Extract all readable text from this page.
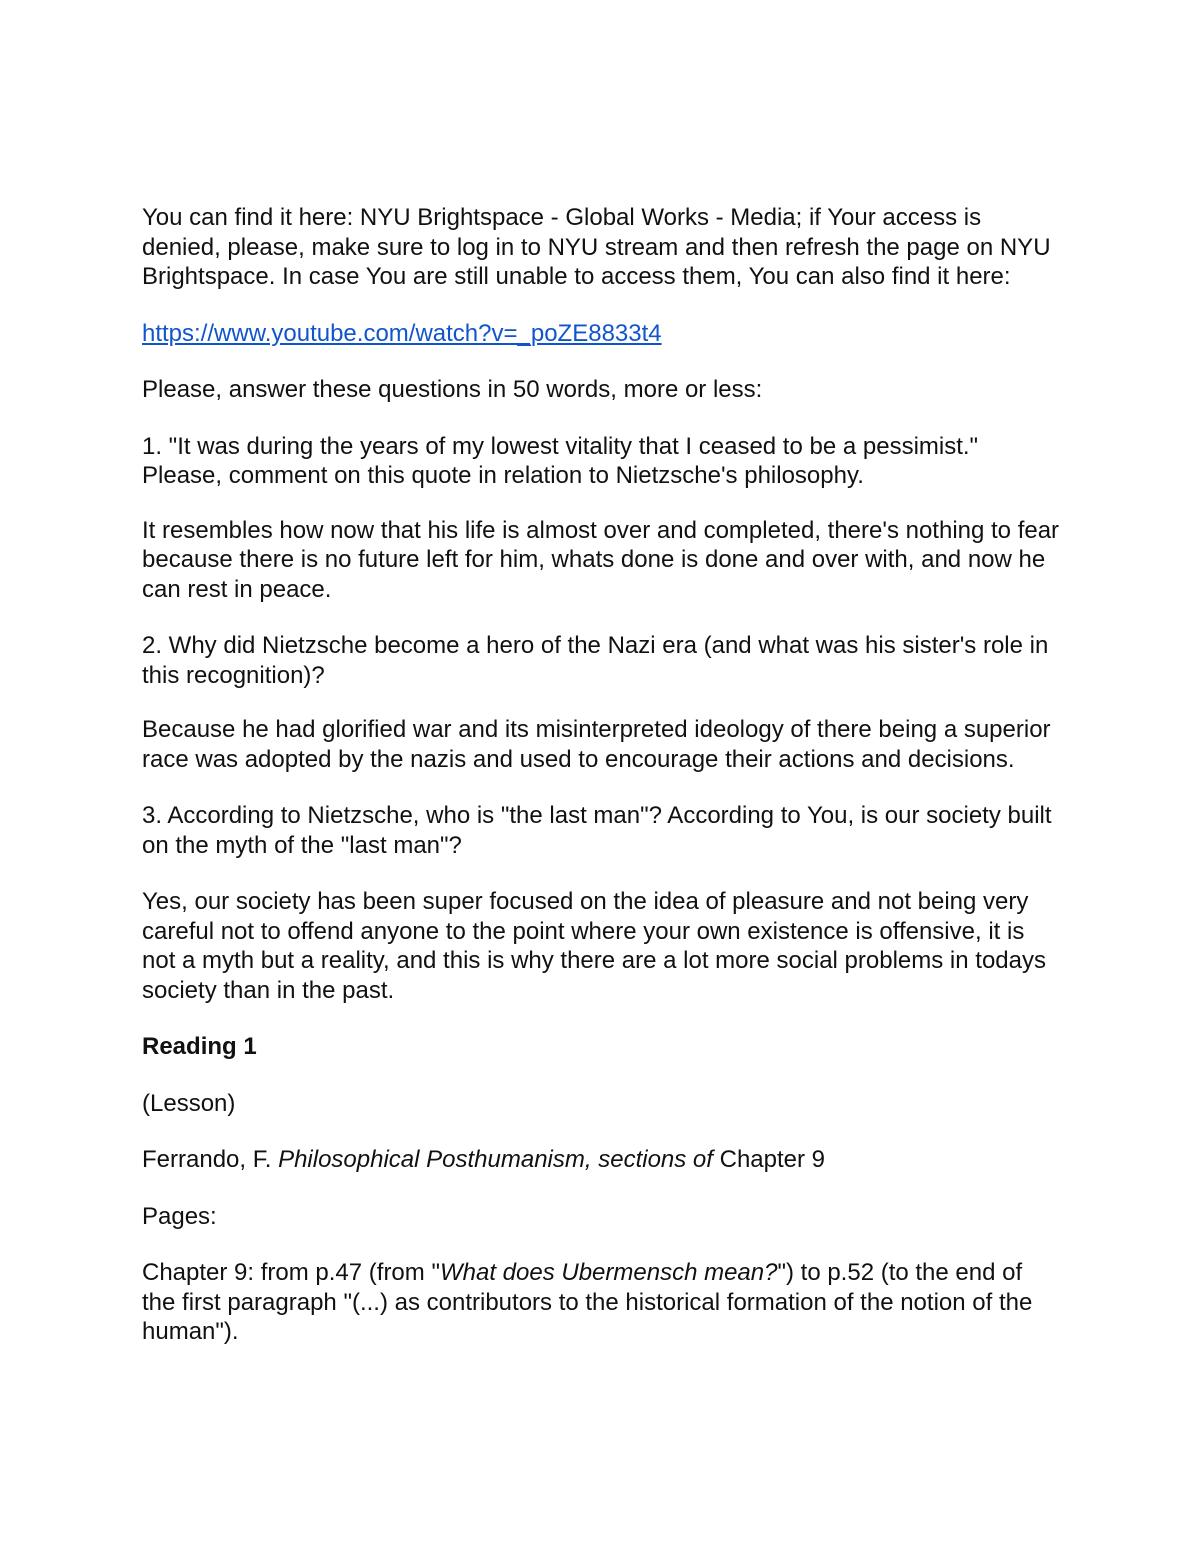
You can find it here: NYU Brightspace - Global Works - Media; if Your access is denied, please, make sure to log in to NYU stream and then refresh the page on NYU Brightspace. In case You are still unable to access them, You can also find it here:

https://www.youtube.com/watch?v=_poZE8833t4

Please, answer these questions in 50 words, more or less:

1. "It was during the years of my lowest vitality that I ceased to be a pessimist." Please, comment on this quote in relation to Nietzsche's philosophy.

It resembles how now that his life is almost over and completed, there's nothing to fear because there is no future left for him, whats done is done and over with, and now he can rest in peace.

2. Why did Nietzsche become a hero of the Nazi era (and what was his sister's role in this recognition)?

Because he had glorified war and its misinterpreted ideology of there being a superior race was adopted by the nazis and used to encourage their actions and decisions.

3. According to Nietzsche, who is "the last man"? According to You, is our society built on the myth of the "last man"?

Yes, our society has been super focused on the idea of pleasure and not being very careful not to offend anyone to the point where your own existence is offensive, it is not a myth but a reality, and this is why there are a lot more social problems in todays society than in the past.

Reading 1

(Lesson)

Ferrando, F. Philosophical Posthumanism, sections of Chapter 9

Pages:

Chapter 9: from p.47 (from "What does Ubermensch mean?") to p.52 (to the end of the first paragraph "(...) as contributors to the historical formation of the notion of the human").
